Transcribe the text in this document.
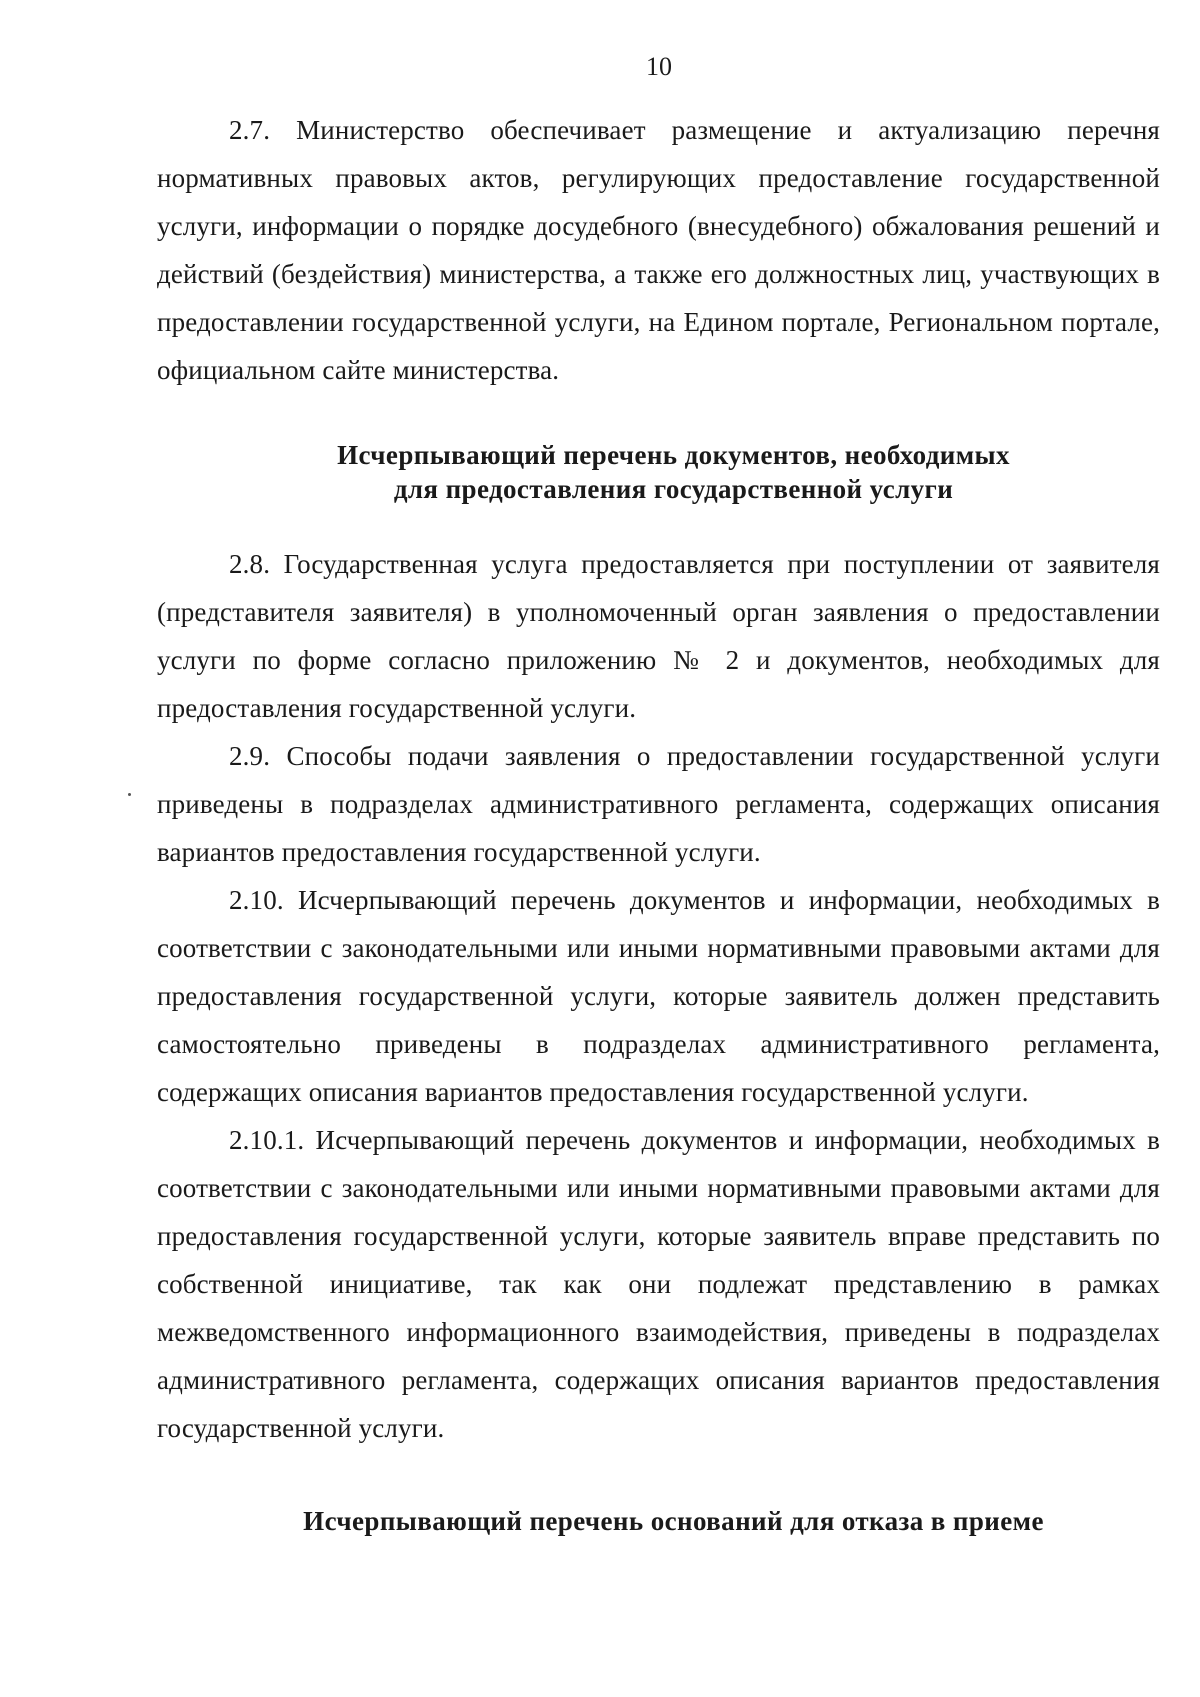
10

2.7. Министерство обеспечивает размещение и актуализацию перечня нормативных правовых актов, регулирующих предоставление государственной услуги, информации о порядке досудебного (внесудебного) обжалования решений и действий (бездействия) министерства, а также его должностных лиц, участвующих в предоставлении государственной услуги, на Едином портале, Региональном портале, официальном сайте министерства.

Исчерпывающий перечень документов, необходимых
для предоставления государственной услуги

2.8. Государственная услуга предоставляется при поступлении от заявителя (представителя заявителя) в уполномоченный орган заявления о предоставлении услуги по форме согласно приложению № 2 и документов, необходимых для предоставления государственной услуги.

2.9. Способы подачи заявления о предоставлении государственной услуги приведены в подразделах административного регламента, содержащих описания вариантов предоставления государственной услуги.

2.10. Исчерпывающий перечень документов и информации, необходимых в соответствии с законодательными или иными нормативными правовыми актами для предоставления государственной услуги, которые заявитель должен представить самостоятельно приведены в подразделах административного регламента, содержащих описания вариантов предоставления государственной услуги.

2.10.1. Исчерпывающий перечень документов и информации, необходимых в соответствии с законодательными или иными нормативными правовыми актами для предоставления государственной услуги, которые заявитель вправе представить по собственной инициативе, так как они подлежат представлению в рамках межведомственного информационного взаимодействия, приведены в подразделах административного регламента, содержащих описания вариантов предоставления государственной услуги.

Исчерпывающий перечень оснований для отказа в приеме
